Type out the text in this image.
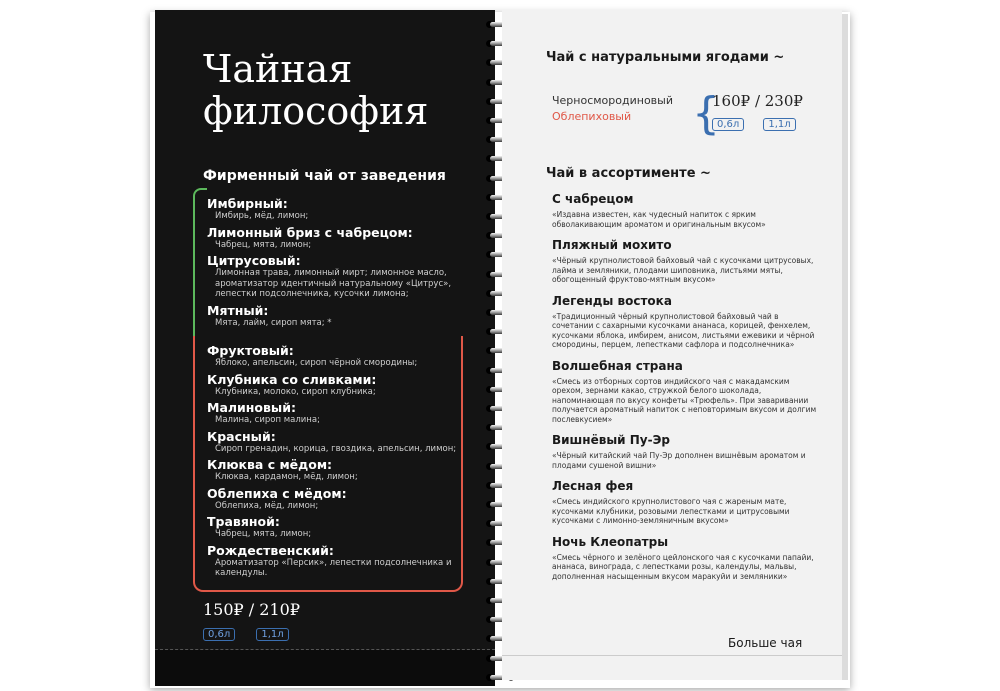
Чайная философия
Фирменный чай от заведения
Имбирный:
Имбирь, мёд, лимон;
Лимонный бриз с чабрецом:
Чабрец, мята, лимон;
Цитрусовый:
Лимонная трава, лимонный мирт; лимонное масло, ароматизатор идентичный натуральному «Цитрус», лепестки подсолнечника, кусочки лимона;
Мятный:
Мята, лайм, сироп мята; *
Фруктовый:
Яблоко, апельсин, сироп чёрной смородины;
Клубника со сливками:
Клубника, молоко, сироп клубника;
Малиновый:
Малина, сироп малина;
Красный:
Сироп гренадин, корица, гвоздика, апельсин, лимон;
Клюква с мёдом:
Клюква, кардамон, мёд, лимон;
Облепиха с мёдом:
Облепиха, мёд, лимон;
Травяной:
Чабрец, мята, лимон;
Рождественский:
Ароматизатор «Персик», лепестки подсолнечника и календулы.
150₽ / 210₽
0,6л	1,1л
Чай с натуральными ягодами ~
Черносмородиновый
Облепиховый {
160₽ / 230₽
0,6л	1,1л
Чай в ассортименте ~
С чабрецом
«Издавна известен, как чудесный напиток с ярким обволакивающим ароматом и оригинальным вкусом»
Пляжный мохито
«Чёрный крупнолистовой байховый чай с кусочками цитрусовых, лайма и земляники, плодами шиповника, листьями мяты, обогощенный фруктово-мятным вкусом»
Легенды востока
«Традиционный чёрный крупнолистовой байховый чай в сочетании с сахарными кусочками ананаса, корицей, фенхелем, кусочками яблока, имбирем, анисом, листьями ежевики и чёрной смородины, перцем, лепестками сафлора и подсолнечника»
Волшебная страна
«Смесь из отборных сортов индийского чая с макадамским орехом, зернами какао, стружкой белого шоколада, напоминающая по вкусу конфеты «Трюфель». При заваривании получается ароматный напиток с неповторимым вкусом и долгим послевкусием»
Вишнёвый Пу-Эр
«Чёрный китайский чай Пу-Эр дополнен вишнёвым ароматом и плодами сушеной вишни»
Лесная фея
«Смесь индийского крупнолистового чая с жареным мате, кусочками клубники, розовыми лепестками и цитрусовыми кусочками с лимонно-земляничным вкусом»
Ночь Клеопатры
«Смесь чёрного и зелёного цейлонского чая с кусочками папайи, ананаса, винограда, с лепестками розы, календулы, мальвы, дополненная насыщенным вкусом маракуйи и земляники»
Больше чая
